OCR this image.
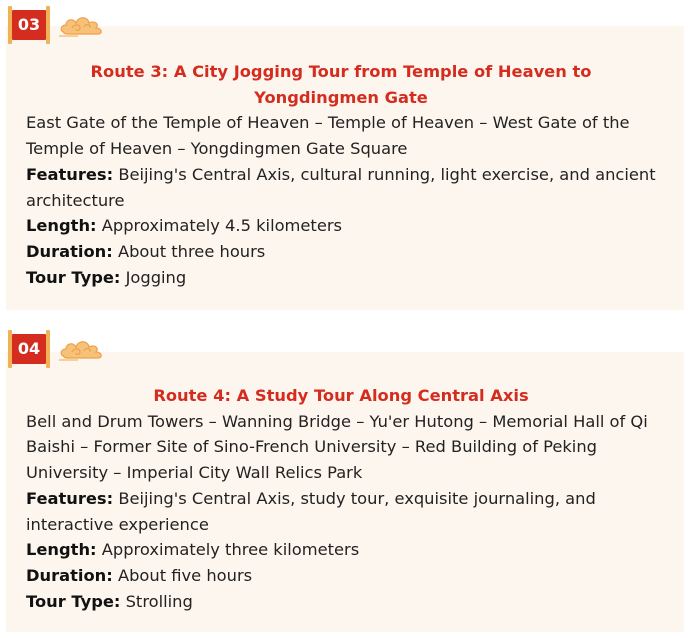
03

Route 3: A City Jogging Tour from Temple of Heaven to Yongdingmen Gate

East Gate of the Temple of Heaven – Temple of Heaven – West Gate of the Temple of Heaven – Yongdingmen Gate Square

Features: Beijing's Central Axis, cultural running, light exercise, and ancient architecture

Length: Approximately 4.5 kilometers

Duration: About three hours

Tour Type: Jogging

04

Route 4: A Study Tour Along Central Axis

Bell and Drum Towers – Wanning Bridge – Yu'er Hutong – Memorial Hall of Qi Baishi – Former Site of Sino-French University – Red Building of Peking University – Imperial City Wall Relics Park

Features: Beijing's Central Axis, study tour, exquisite journaling, and interactive experience

Length: Approximately three kilometers

Duration: About five hours

Tour Type: Strolling
